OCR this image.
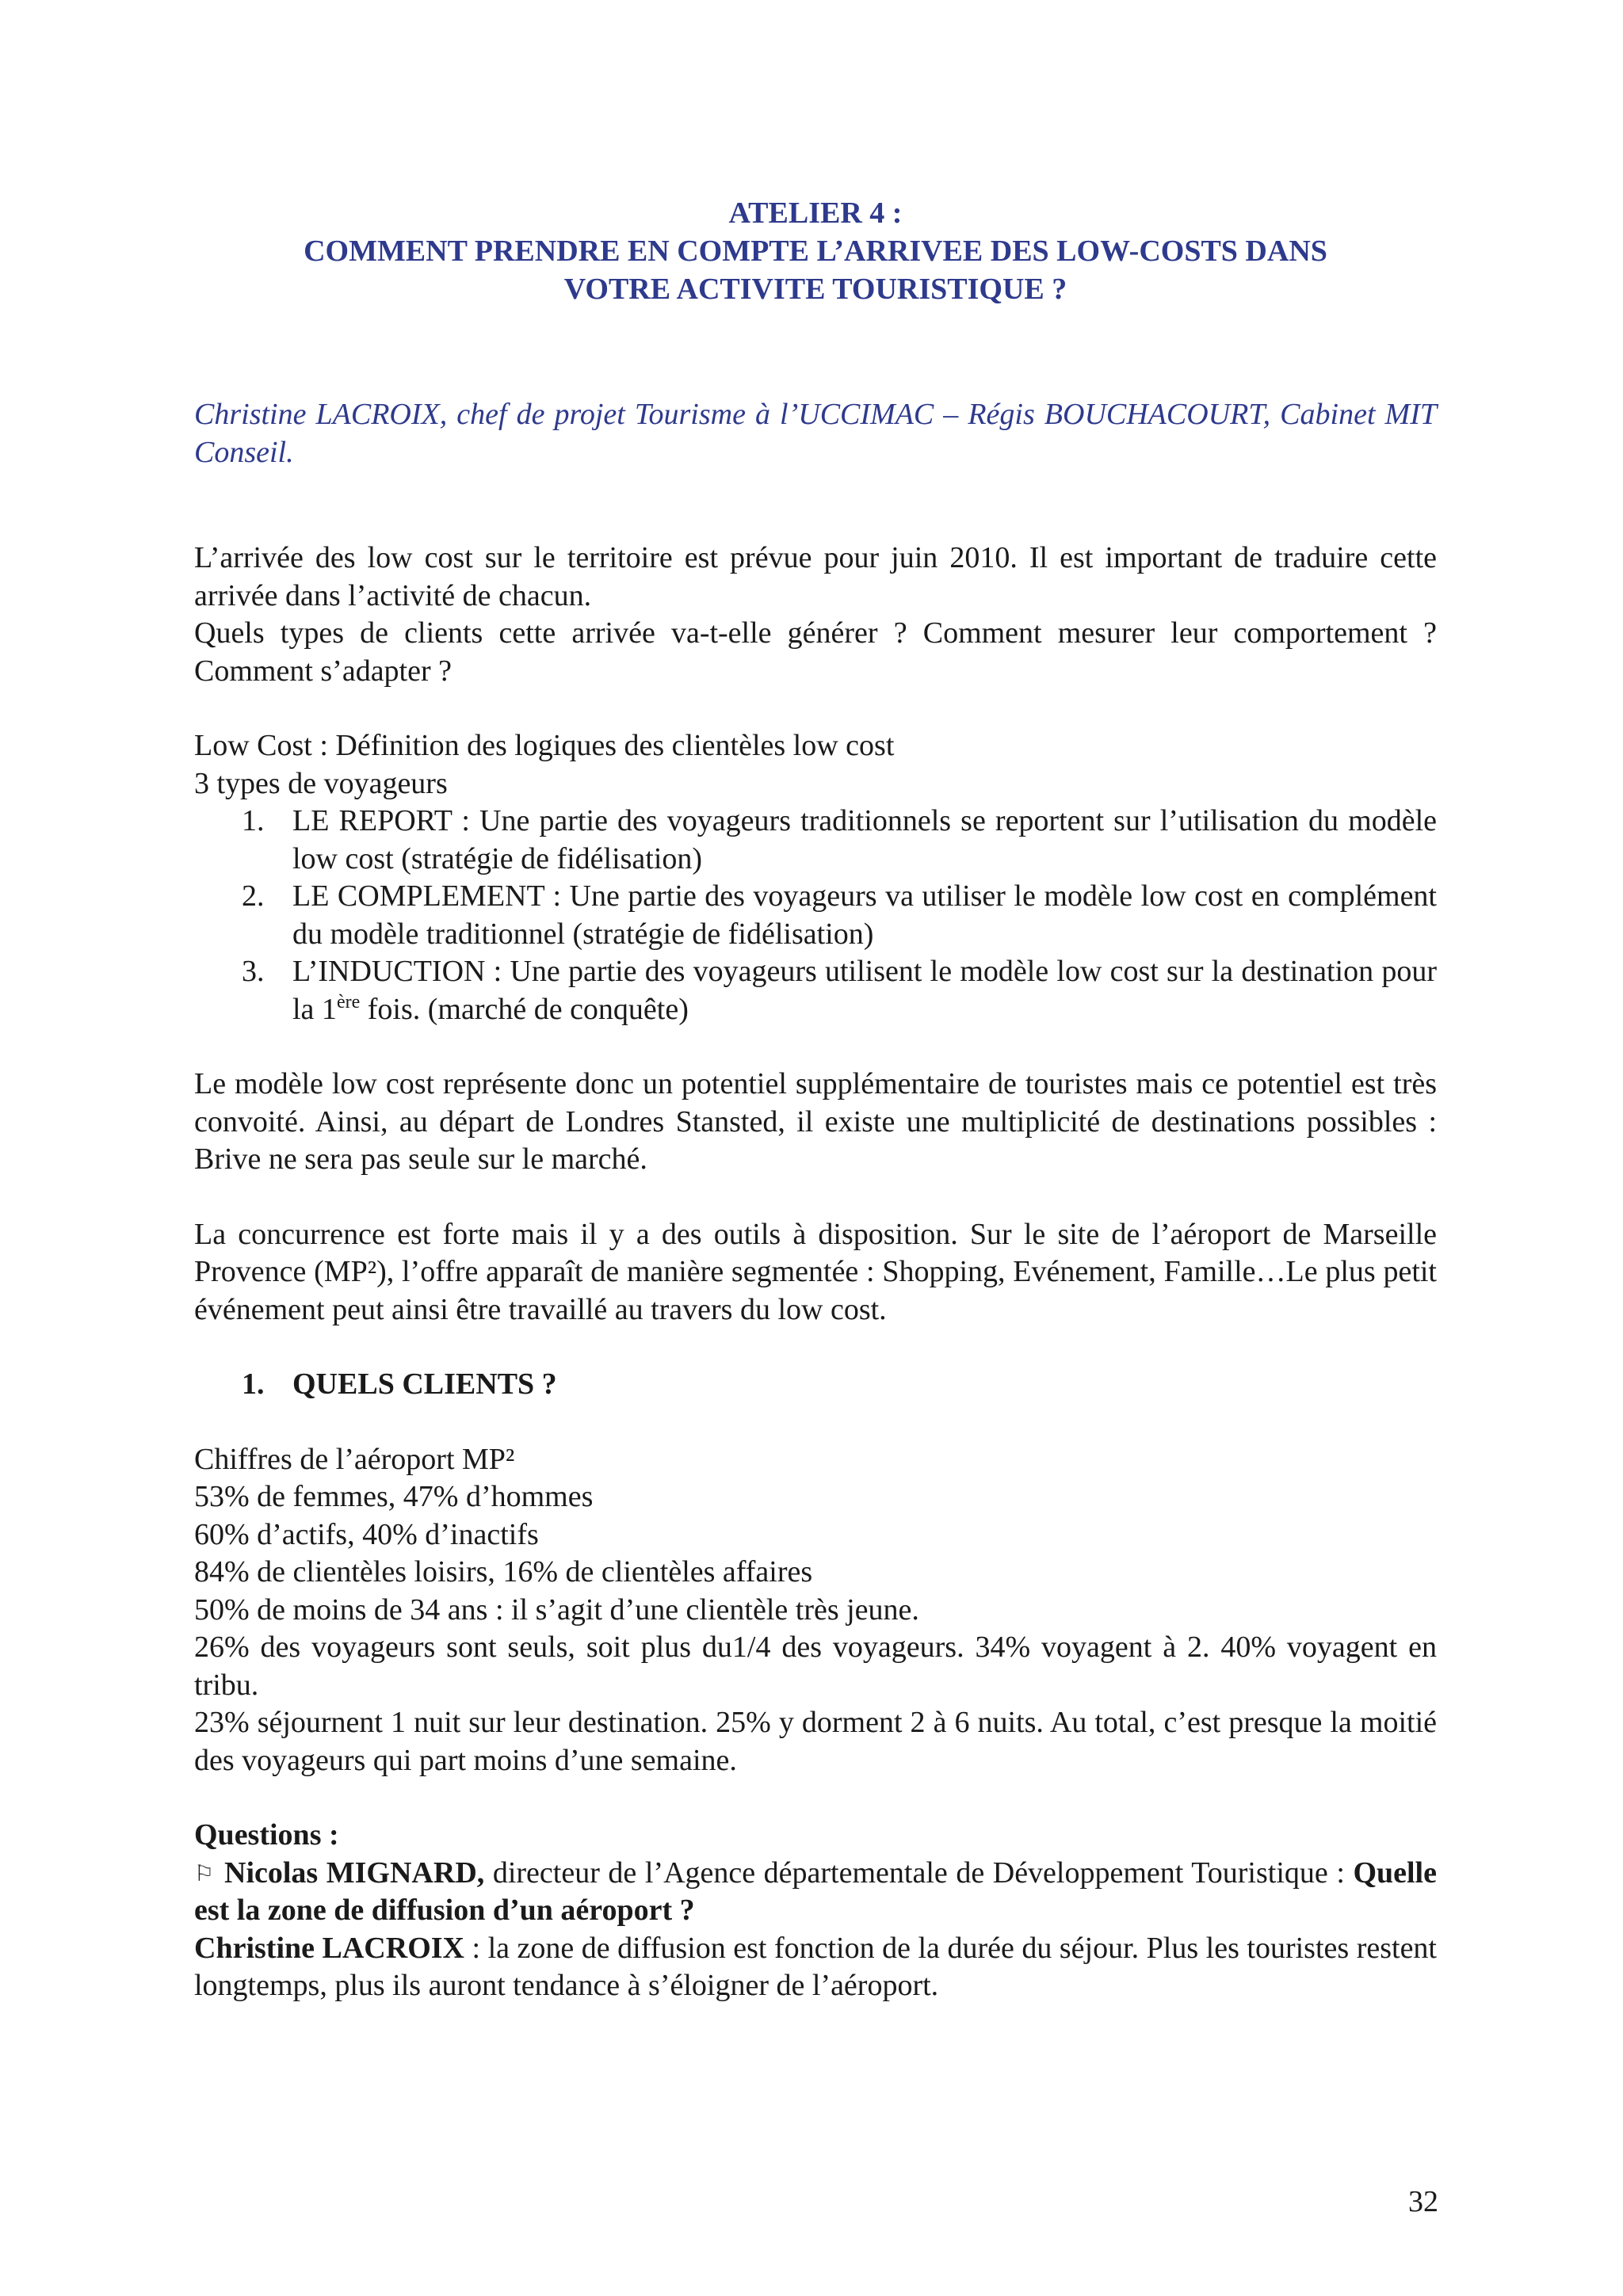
ATELIER 4 :
COMMENT PRENDRE EN COMPTE L’ARRIVEE DES LOW-COSTS DANS
VOTRE ACTIVITE TOURISTIQUE ?

Christine LACROIX, chef de projet Tourisme à l’UCCIMAC – Régis BOUCHACOURT, Cabinet MIT Conseil.

L’arrivée des low cost sur le territoire est prévue pour juin 2010. Il est important de traduire cette arrivée dans l’activité de chacun.

Quels types de clients cette arrivée va-t-elle générer ? Comment mesurer leur comportement ? Comment s’adapter ?

Low Cost : Définition des logiques des clientèles low cost

3 types de voyageurs

1. LE REPORT : Une partie des voyageurs traditionnels se reportent sur l’utilisation du modèle low cost (stratégie de fidélisation)
2. LE COMPLEMENT : Une partie des voyageurs va utiliser le modèle low cost en complément du modèle traditionnel (stratégie de fidélisation)
3. L’INDUCTION : Une partie des voyageurs utilisent le modèle low cost sur la destination pour la 1ère fois. (marché de conquête)

Le modèle low cost représente donc un potentiel supplémentaire de touristes mais ce potentiel est très convoité. Ainsi, au départ de Londres Stansted, il existe une multiplicité de destinations possibles : Brive ne sera pas seule sur le marché.

La concurrence est forte mais il y a des outils à disposition. Sur le site de l’aéroport de Marseille Provence (MP²), l’offre apparaît de manière segmentée : Shopping, Evénement, Famille…Le plus petit événement peut ainsi être travaillé au travers du low cost.

1. QUELS CLIENTS ?

Chiffres de l’aéroport MP²

53% de femmes, 47% d’hommes

60% d’actifs, 40% d’inactifs

84% de clientèles loisirs, 16% de clientèles affaires

50% de moins de 34 ans : il s’agit d’une clientèle très jeune.

26% des voyageurs sont seuls, soit plus du1/4 des voyageurs. 34% voyagent à 2. 40% voyagent en tribu.

23% séjournent 1 nuit sur leur destination. 25% y dorment 2 à 6 nuits. Au total, c’est presque la moitié des voyageurs qui part moins d’une semaine.

Questions :

⚐ Nicolas MIGNARD, directeur de l’Agence départementale de Développement Touristique : Quelle est la zone de diffusion d’un aéroport ?

Christine LACROIX : la zone de diffusion est fonction de la durée du séjour. Plus les touristes restent longtemps, plus ils auront tendance à s’éloigner de l’aéroport.

32
